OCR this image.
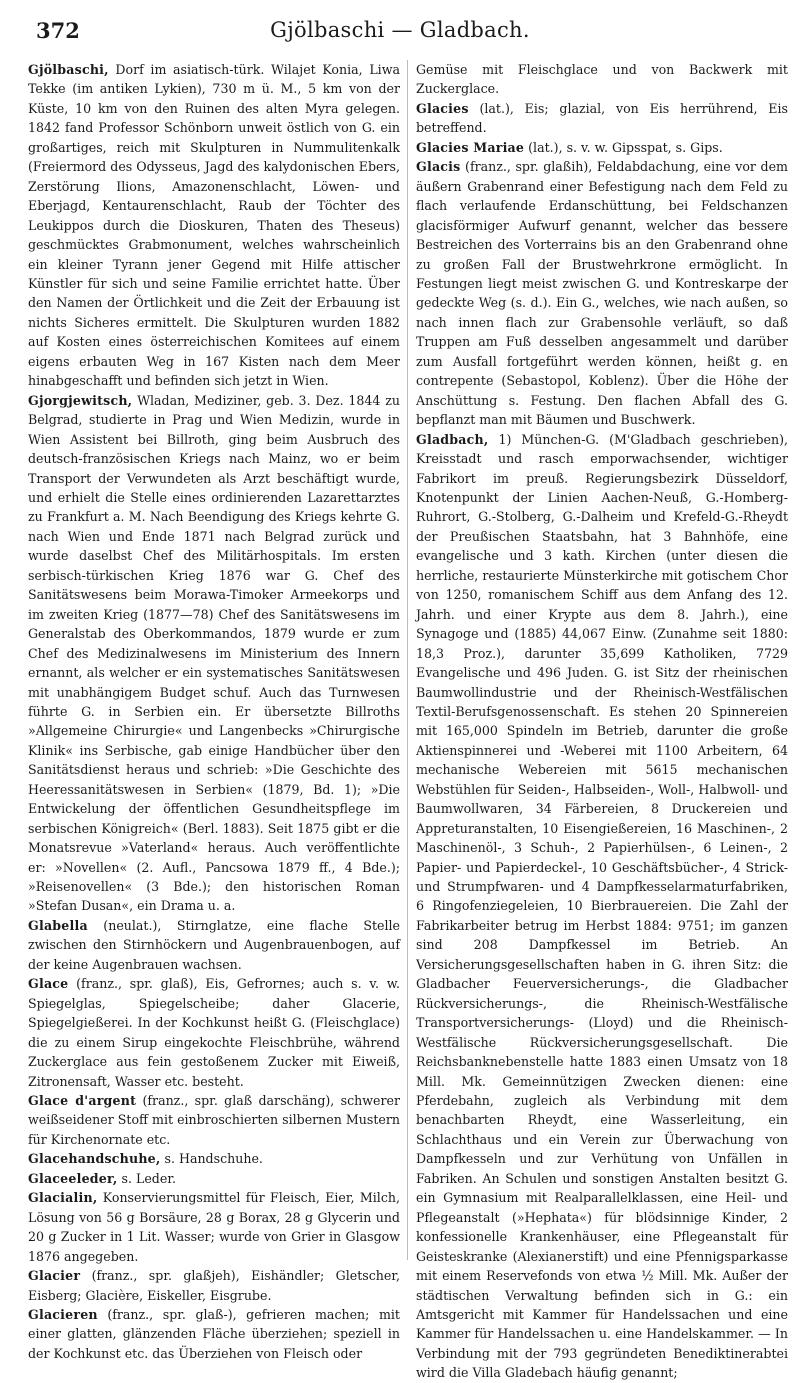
372	Gjölbaschi — Gladbach.

Gjölbaschi, Dorf im asiatisch-türk. Wilajet Konia, Liwa Tekke (im antiken Lykien), 730 m ü. M., 5 km von der Küste, 10 km von den Ruinen des alten Myra gelegen. 1842 fand Professor Schönborn unweit östlich von G. ein großartiges, reich mit Skulpturen in Nummulitenkalk (Freiermord des Odysseus, Jagd des kalydonischen Ebers, Zerstörung Ilions, Amazonenschlacht, Löwen- und Eberjagd, Kentaurenschlacht, Raub der Töchter des Leukippos durch die Dioskuren, Thaten des Theseus) geschmücktes Grabmonument, welches wahrscheinlich ein kleiner Tyrann jener Gegend mit Hilfe attischer Künstler für sich und seine Familie errichtet hatte. Über den Namen der Örtlichkeit und die Zeit der Erbauung ist nichts Sicheres ermittelt. Die Skulpturen wurden 1882 auf Kosten eines österreichischen Komitees auf einem eigens erbauten Weg in 167 Kisten nach dem Meer hinabgeschafft und befinden sich jetzt in Wien.

Gjorgjewitsch, Wladan, Mediziner, geb. 3. Dez. 1844 zu Belgrad, studierte in Prag und Wien Medizin, wurde in Wien Assistent bei Billroth, ging beim Ausbruch des deutsch-französischen Kriegs nach Mainz, wo er beim Transport der Verwundeten als Arzt beschäftigt wurde, und erhielt die Stelle eines ordinierenden Lazarettarztes zu Frankfurt a. M. Nach Beendigung des Kriegs kehrte G. nach Wien und Ende 1871 nach Belgrad zurück und wurde daselbst Chef des Militärhospitals. Im ersten serbisch-türkischen Krieg 1876 war G. Chef des Sanitätswesens beim Morawa-Timoker Armeekorps und im zweiten Krieg (1877—78) Chef des Sanitätswesens im Generalstab des Oberkommandos, 1879 wurde er zum Chef des Medizinalwesens im Ministerium des Innern ernannt, als welcher er ein systematisches Sanitätswesen mit unabhängigem Budget schuf. Auch das Turnwesen führte G. in Serbien ein. Er übersetzte Billroths »Allgemeine Chirurgie« und Langenbecks »Chirurgische Klinik« ins Serbische, gab einige Handbücher über den Sanitätsdienst heraus und schrieb: »Die Geschichte des Heeressanitätswesen in Serbien« (1879, Bd. 1); »Die Entwickelung der öffentlichen Gesundheitspflege im serbischen Königreich« (Berl. 1883). Seit 1875 gibt er die Monatsrevue »Vaterland« heraus. Auch veröffentlichte er: »Novellen« (2. Aufl., Pancsowa 1879 ff., 4 Bde.); »Reisenovellen« (3 Bde.); den historischen Roman »Stefan Dusan«, ein Drama u. a.

Glabella (neulat.), Stirnglatze, eine flache Stelle zwischen den Stirnhöckern und Augenbrauenbogen, auf der keine Augenbrauen wachsen.

Glace (franz., spr. glaß), Eis, Gefrornes; auch s. v. w. Spiegelglas, Spiegelscheibe; daher Glacerie, Spiegelgießerei. In der Kochkunst heißt G. (Fleischglace) die zu einem Sirup eingekochte Fleischbrühe, während Zuckerglace aus fein gestoßenem Zucker mit Eiweiß, Zitronensaft, Wasser etc. besteht.

Glace d'argent (franz., spr. glaß darschäng), schwerer weißseidener Stoff mit einbroschierten silbernen Mustern für Kirchenornate etc.

Glacehandschuhe, s. Handschuhe.

Glaceeleder, s. Leder.

Glacialin, Konservierungsmittel für Fleisch, Eier, Milch, Lösung von 56 g Borsäure, 28 g Borax, 28 g Glycerin und 20 g Zucker in 1 Lit. Wasser; wurde von Grier in Glasgow 1876 angegeben.

Glacier (franz., spr. glaßjeh), Eishändler; Gletscher, Eisberg; Glacière, Eiskeller, Eisgrube.

Glacieren (franz., spr. glaß-), gefrieren machen; mit einer glatten, glänzenden Fläche überziehen; speziell in der Kochkunst etc. das Überziehen von Fleisch oder

Gemüse mit Fleischglace und von Backwerk mit Zuckerglace.

Glacies (lat.), Eis; glazial, von Eis herrührend, Eis betreffend.

Glacies Mariae (lat.), s. v. w. Gipsspat, s. Gips.

Glacis (franz., spr. glaßih), Feldabdachung, eine vor dem äußern Grabenrand einer Befestigung nach dem Feld zu flach verlaufende Erdanschüttung, bei Feldschanzen glacisförmiger Aufwurf genannt, welcher das bessere Bestreichen des Vorterrains bis an den Grabenrand ohne zu großen Fall der Brustwehrkrone ermöglicht. In Festungen liegt meist zwischen G. und Kontreskarpe der gedeckte Weg (s. d.). Ein G., welches, wie nach außen, so nach innen flach zur Grabensohle verläuft, so daß Truppen am Fuß desselben angesammelt und darüber zum Ausfall fortgeführt werden können, heißt g. en contrepente (Sebastopol, Koblenz). Über die Höhe der Anschüttung s. Festung. Den flachen Abfall des G. bepflanzt man mit Bäumen und Buschwerk.

Gladbach, 1) München-G. (M'Gladbach geschrieben), Kreisstadt und rasch emporwachsender, wichtiger Fabrikort im preuß. Regierungsbezirk Düsseldorf, Knotenpunkt der Linien Aachen-Neuß, G.-Homberg-Ruhrort, G.-Stolberg, G.-Dalheim und Krefeld-G.-Rheydt der Preußischen Staatsbahn, hat 3 Bahnhöfe, eine evangelische und 3 kath. Kirchen (unter diesen die herrliche, restaurierte Münsterkirche mit gotischem Chor von 1250, romanischem Schiff aus dem Anfang des 12. Jahrh. und einer Krypte aus dem 8. Jahrh.), eine Synagoge und (1885) 44,067 Einw. (Zunahme seit 1880: 18,3 Proz.), darunter 35,699 Katholiken, 7729 Evangelische und 496 Juden. G. ist Sitz der rheinischen Baumwollindustrie und der Rheinisch-Westfälischen Textil-Berufsgenossenschaft. Es stehen 20 Spinnereien mit 165,000 Spindeln im Betrieb, darunter die große Aktienspinnerei und -Weberei mit 1100 Arbeitern, 64 mechanische Webereien mit 5615 mechanischen Webstühlen für Seiden-, Halbseiden-, Woll-, Halbwoll- und Baumwollwaren, 34 Färbereien, 8 Druckereien und Appreturanstalten, 10 Eisengießereien, 16 Maschinen-, 2 Maschinenöl-, 3 Schuh-, 2 Papierhülsen-, 6 Leinen-, 2 Papier- und Papierdeckel-, 10 Geschäftsbücher-, 4 Strick- und Strumpfwaren- und 4 Dampfkesselarmaturfabriken, 6 Ringofenziegeleien, 10 Bierbrauereien. Die Zahl der Fabrikarbeiter betrug im Herbst 1884: 9751; im ganzen sind 208 Dampfkessel im Betrieb. An Versicherungsgesellschaften haben in G. ihren Sitz: die Gladbacher Feuerversicherungs-, die Gladbacher Rückversicherungs-, die Rheinisch-Westfälische Transportversicherungs- (Lloyd) und die Rheinisch-Westfälische Rückversicherungsgesellschaft. Die Reichsbanknebenstelle hatte 1883 einen Umsatz von 18 Mill. Mk. Gemeinnützigen Zwecken dienen: eine Pferdebahn, zugleich als Verbindung mit dem benachbarten Rheydt, eine Wasserleitung, ein Schlachthaus und ein Verein zur Überwachung von Dampfkesseln und zur Verhütung von Unfällen in Fabriken. An Schulen und sonstigen Anstalten besitzt G. ein Gymnasium mit Realparallelklassen, eine Heil- und Pflegeanstalt (»Hephata«) für blödsinnige Kinder, 2 konfessionelle Krankenhäuser, eine Pflegeanstalt für Geisteskranke (Alexianerstift) und eine Pfennigsparkasse mit einem Reservefonds von etwa ½ Mill. Mk. Außer der städtischen Verwaltung befinden sich in G.: ein Amtsgericht mit Kammer für Handelssachen und eine Kammer für Handelssachen u. eine Handelskammer. — In Verbindung mit der 793 gegründeten Benediktinerabtei wird die Villa Gladebach häufig genannt;
